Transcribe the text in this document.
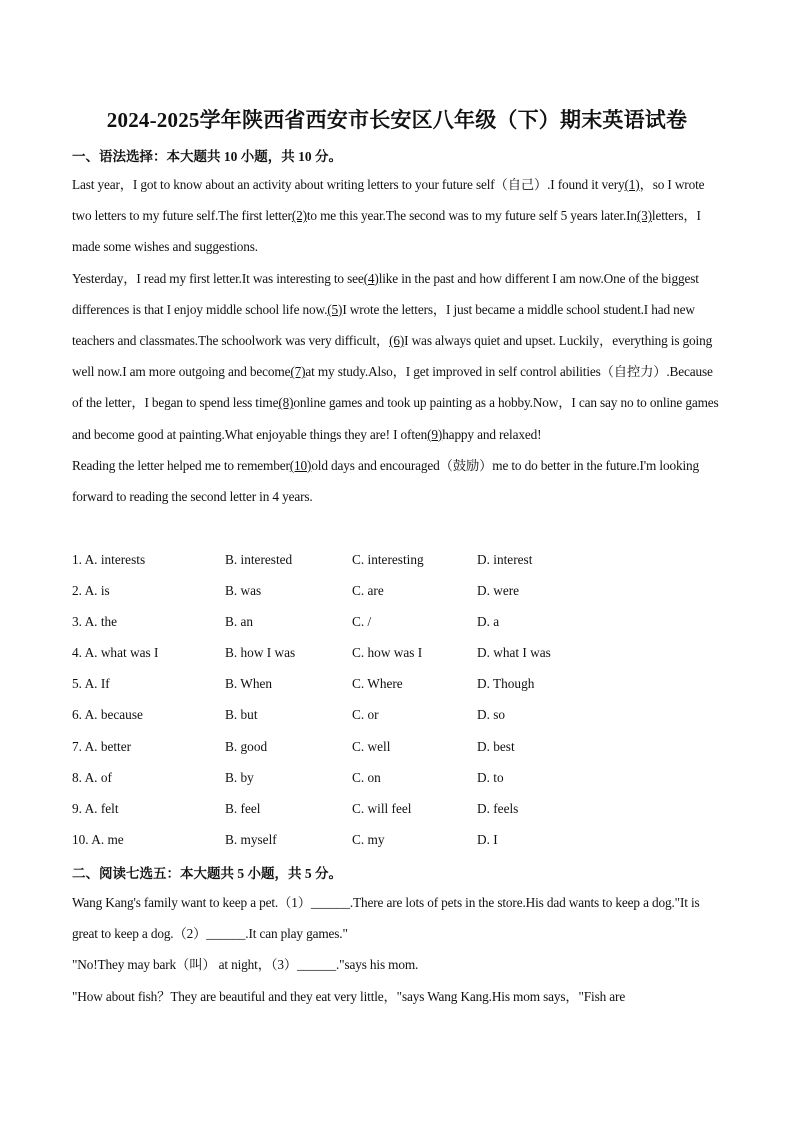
2024-2025学年陕西省西安市长安区八年级（下）期末英语试卷
一、语法选择：本大题共 10 小题，共 10 分。

Last year，I got to know about an activity about writing letters to your future self（自己）.I found it very(1)，so I wrote two letters to my future self.The first letter(2)to me this year.The second was to my future self 5 years later.In(3)letters，I made some wishes and suggestions.

Yesterday，I read my first letter.It was interesting to see(4)like in the past and how different I am now.One of the biggest differences is that I enjoy middle school life now.(5)I wrote the letters，I just became a middle school student.I had new teachers and classmates.The schoolwork was very difficult，(6)I was always quiet and upset. Luckily，everything is going well now.I am more outgoing and become(7)at my study.Also，I get improved in self control abilities（自控力）.Because of the letter，I began to spend less time(8)online games and took up painting as a hobby.Now，I can say no to online games and become good at painting.What enjoyable things they are! I often(9)happy and relaxed!

Reading the letter helped me to remember(10)old days and encouraged（鼓励）me to do better in the future.I'm looking forward to reading the second letter in 4 years.

1. A. interests	B. interested	C. interesting	D. interest
2. A. is	B. was	C. are	D. were
3. A. the	B. an	C. /	D. a
4. A. what was I	B. how I was	C. how was I	D. what I was
5. A. If	B. When	C. Where	D. Though
6. A. because	B. but	C. or	D. so
7. A. better	B. good	C. well	D. best
8. A. of	B. by	C. on	D. to
9. A. felt	B. feel	C. will feel	D. feels
10. A. me	B. myself	C. my	D. I
二、阅读七选五：本大题共 5 小题，共 5 分。

Wang Kang's family want to keep a pet.（1）______.There are lots of pets in the store.His dad wants to keep a dog."It is great to keep a dog.（2）______.It can play games."

"No!They may bark（叫） at night，（3）______."says his mom.

"How about fish？They are beautiful and they eat very little，"says Wang Kang.His mom says，"Fish are
